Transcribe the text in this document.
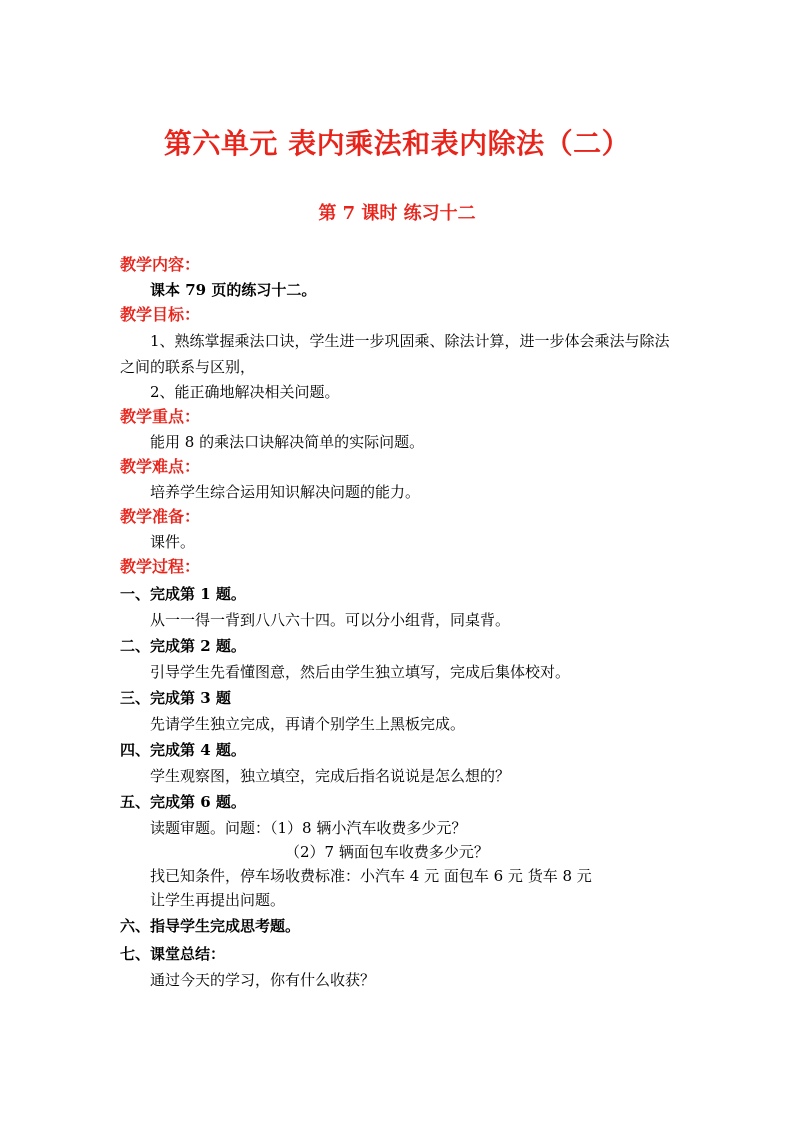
第六单元 表内乘法和表内除法（二）
第 7 课时 练习十二
教学内容：
课本 79 页的练习十二。
教学目标：
1、熟练掌握乘法口诀，学生进一步巩固乘、除法计算，进一步体会乘法与除法之间的联系与区别，
2、能正确地解决相关问题。
教学重点：
能用 8 的乘法口诀解决简单的实际问题。
教学难点：
培养学生综合运用知识解决问题的能力。
教学准备：
课件。
教学过程：
一、完成第 1 题。
从一一得一背到八八六十四。可以分小组背，同桌背。
二、完成第 2 题。
引导学生先看懂图意，然后由学生独立填写，完成后集体校对。
三、完成第 3 题
先请学生独立完成，再请个别学生上黑板完成。
四、完成第 4 题。
学生观察图，独立填空，完成后指名说说是怎么想的？
五、完成第 6 题。
读题审题。问题：（1）8 辆小汽车收费多少元？
（2）7 辆面包车收费多少元？
找已知条件，停车场收费标准：小汽车 4 元 面包车 6 元 货车 8 元
让学生再提出问题。
六、指导学生完成思考题。
七、课堂总结：
通过今天的学习，你有什么收获？
